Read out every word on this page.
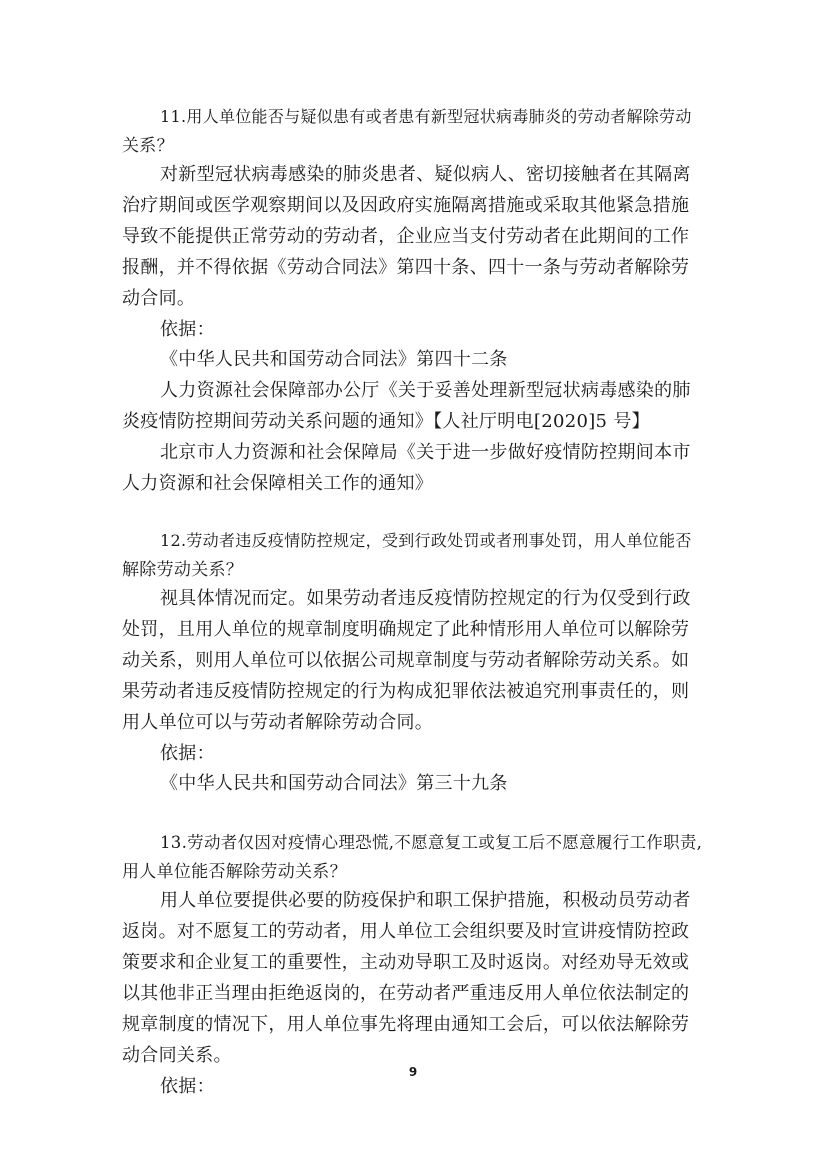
11.用人单位能否与疑似患有或者患有新型冠状病毒肺炎的劳动者解除劳动
关系？
对新型冠状病毒感染的肺炎患者、疑似病人、密切接触者在其隔离
治疗期间或医学观察期间以及因政府实施隔离措施或采取其他紧急措施
导致不能提供正常劳动的劳动者，企业应当支付劳动者在此期间的工作
报酬，并不得依据《劳动合同法》第四十条、四十一条与劳动者解除劳
动合同。
依据：
《中华人民共和国劳动合同法》第四十二条
人力资源社会保障部办公厅《关于妥善处理新型冠状病毒感染的肺
炎疫情防控期间劳动关系问题的通知》【人社厅明电[2020]5 号】
北京市人力资源和社会保障局《关于进一步做好疫情防控期间本市
人力资源和社会保障相关工作的通知》
12.劳动者违反疫情防控规定，受到行政处罚或者刑事处罚，用人单位能否
解除劳动关系？
视具体情况而定。如果劳动者违反疫情防控规定的行为仅受到行政
处罚，且用人单位的规章制度明确规定了此种情形用人单位可以解除劳
动关系，则用人单位可以依据公司规章制度与劳动者解除劳动关系。如
果劳动者违反疫情防控规定的行为构成犯罪依法被追究刑事责任的，则
用人单位可以与劳动者解除劳动合同。
依据：
《中华人民共和国劳动合同法》第三十九条
13.劳动者仅因对疫情心理恐慌,不愿意复工或复工后不愿意履行工作职责,
用人单位能否解除劳动关系？
用人单位要提供必要的防疫保护和职工保护措施，积极动员劳动者
返岗。对不愿复工的劳动者，用人单位工会组织要及时宣讲疫情防控政
策要求和企业复工的重要性，主动劝导职工及时返岗。对经劝导无效或
以其他非正当理由拒绝返岗的，在劳动者严重违反用人单位依法制定的
规章制度的情况下，用人单位事先将理由通知工会后，可以依法解除劳
动合同关系。
依据：
9
